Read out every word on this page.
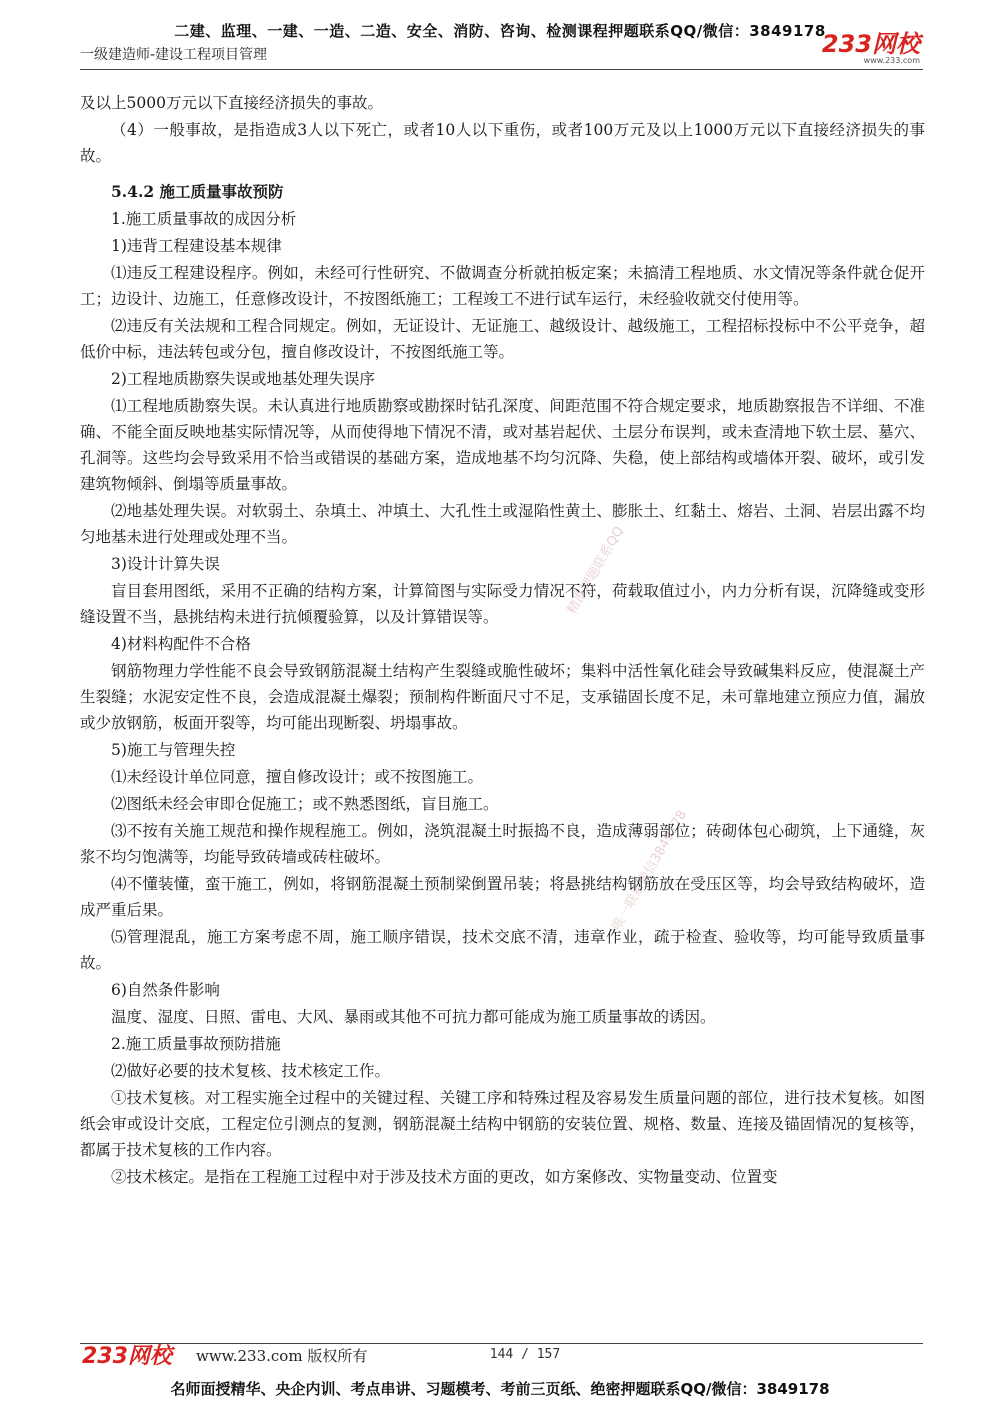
二建、监理、一建、一造、二造、安全、消防、咨询、检测课程押题联系QQ/微信：3849178
一级建造师-建设工程项目管理	233网校
www.233.com
精准押题联系QQ
唯一联系微信3849178

及以上5000万元以下直接经济损失的事故。

（4）一般事故，是指造成3人以下死亡，或者10人以下重伤，或者100万元及以上1000万元以下直接经济损失的事故。

5.4.2 施工质量事故预防

1.施工质量事故的成因分析

1)违背工程建设基本规律

⑴违反工程建设程序。例如，未经可行性研究、不做调查分析就拍板定案；未搞清工程地质、水文情况等条件就仓促开工；边设计、边施工，任意修改设计，不按图纸施工；工程竣工不进行试车运行，未经验收就交付使用等。

⑵违反有关法规和工程合同规定。例如，无证设计、无证施工、越级设计、越级施工，工程招标投标中不公平竞争，超低价中标，违法转包或分包，擅自修改设计，不按图纸施工等。

2)工程地质勘察失误或地基处理失误序

⑴工程地质勘察失误。未认真进行地质勘察或勘探时钻孔深度、间距范围不符合规定要求，地质勘察报告不详细、不准确、不能全面反映地基实际情况等，从而使得地下情况不清，或对基岩起伏、土层分布误判，或未查清地下软土层、墓穴、孔洞等。这些均会导致采用不恰当或错误的基础方案，造成地基不均匀沉降、失稳，使上部结构或墙体开裂、破坏，或引发建筑物倾斜、倒塌等质量事故。

⑵地基处理失误。对软弱土、杂填土、冲填土、大孔性土或湿陷性黄土、膨胀土、红黏土、熔岩、土洞、岩层出露不均匀地基未进行处理或处理不当。

3)设计计算失误

盲目套用图纸，采用不正确的结构方案，计算简图与实际受力情况不符，荷载取值过小，内力分析有误，沉降缝或变形缝设置不当，悬挑结构未进行抗倾覆验算，以及计算错误等。

4)材料构配件不合格

钢筋物理力学性能不良会导致钢筋混凝土结构产生裂缝或脆性破坏；集料中活性氧化硅会导致碱集料反应，使混凝土产生裂缝；水泥安定性不良，会造成混凝土爆裂；预制构件断面尺寸不足，支承锚固长度不足，未可靠地建立预应力值，漏放或少放钢筋，板面开裂等，均可能出现断裂、坍塌事故。

5)施工与管理失控

⑴未经设计单位同意，擅自修改设计；或不按图施工。

⑵图纸未经会审即仓促施工；或不熟悉图纸，盲目施工。

⑶不按有关施工规范和操作规程施工。例如，浇筑混凝土时振捣不良，造成薄弱部位；砖砌体包心砌筑，上下通缝，灰浆不均匀饱满等，均能导致砖墙或砖柱破坏。

⑷不懂装懂，蛮干施工，例如，将钢筋混凝土预制梁倒置吊装；将悬挑结构钢筋放在受压区等，均会导致结构破坏，造成严重后果。

⑸管理混乱，施工方案考虑不周，施工顺序错误，技术交底不清，违章作业，疏于检查、验收等，均可能导致质量事故。

6)自然条件影响

温度、湿度、日照、雷电、大风、暴雨或其他不可抗力都可能成为施工质量事故的诱因。

2.施工质量事故预防措施

⑵做好必要的技术复核、技术核定工作。

①技术复核。对工程实施全过程中的关键过程、关键工序和特殊过程及容易发生质量问题的部位，进行技术复核。如图纸会审或设计交底，工程定位引测点的复测，钢筋混凝土结构中钢筋的安装位置、规格、数量、连接及锚固情况的复核等，都属于技术复核的工作内容。

②技术核定。是指在工程施工过程中对于涉及技术方面的更改，如方案修改、实物量变动、位置变

233网校 www.233.com 版权所有	144 / 157
名师面授精华、央企内训、考点串讲、习题模考、考前三页纸、绝密押题联系QQ/微信：3849178
